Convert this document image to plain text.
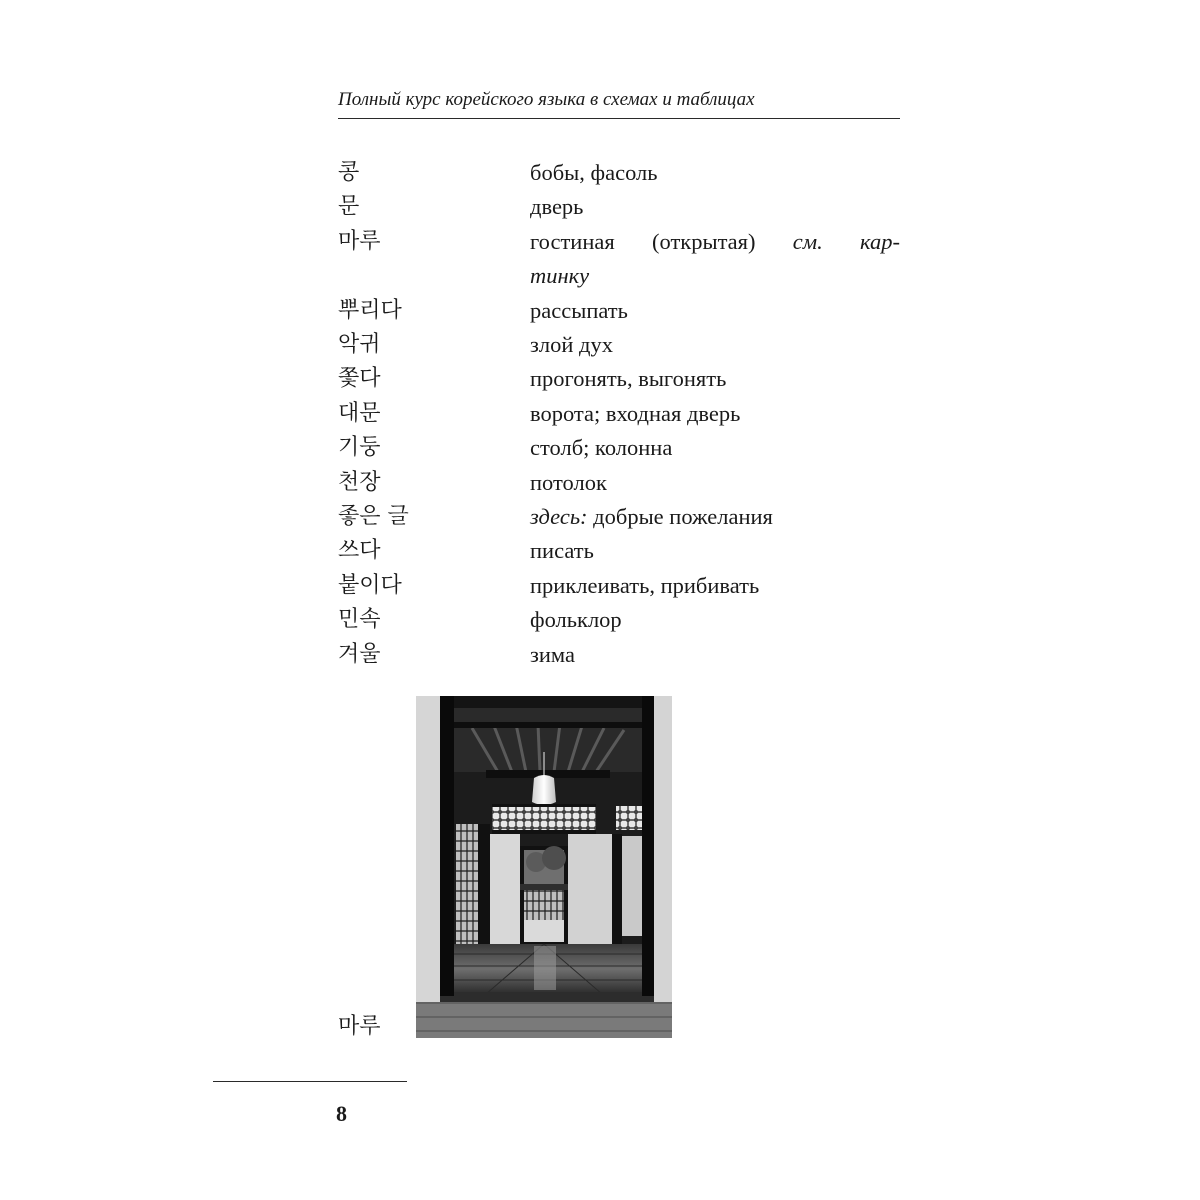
Полный курс корейского языка в схемах и таблицах
콩	бобы, фасоль
문	дверь
마루	гостиная (открытая) см. кар-
тинку
뿌리다	рассыпать
악귀	злой дух
쫓다	прогонять, выгонять
대문	ворота; входная дверь
기둥	столб; колонна
천장	потолок
좋은 글	здесь: добрые пожелания
쓰다	писать
붙이다	приклеивать, прибивать
민속	фольклор
겨울	зима
마루
8
